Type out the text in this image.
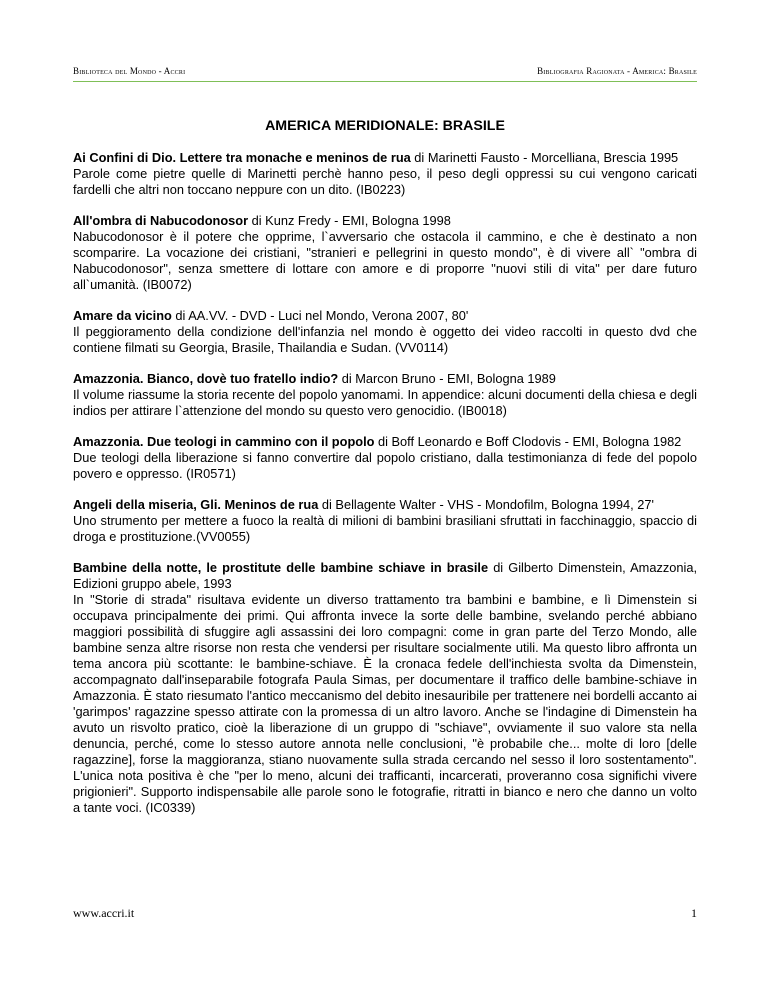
Biblioteca del Mondo - Accri	Bibliografia Ragionata - America: Brasile
AMERICA MERIDIONALE: BRASILE

Ai Confini di Dio. Lettere tra monache e meninos de rua di Marinetti Fausto - Morcelliana, Brescia 1995

Parole come pietre quelle di Marinetti perchè hanno peso, il peso degli oppressi su cui vengono caricati fardelli che altri non toccano neppure con un dito. (IB0223)

All'ombra di Nabucodonosor di Kunz Fredy - EMI, Bologna 1998

Nabucodonosor è il potere che opprime, l`avversario che ostacola il cammino, e che è destinato a non scomparire. La vocazione dei cristiani, "stranieri e pellegrini in questo mondo", è di vivere all` "ombra di Nabucodonosor", senza smettere di lottare con amore e di proporre "nuovi stili di vita" per dare futuro all`umanità. (IB0072)

Amare da vicino di AA.VV. - DVD - Luci nel Mondo, Verona 2007, 80'

Il peggioramento della condizione dell'infanzia nel mondo è oggetto dei video raccolti in questo dvd che contiene filmati su Georgia, Brasile, Thailandia e Sudan. (VV0114)

Amazzonia. Bianco, dovè tuo fratello indio? di Marcon Bruno - EMI, Bologna 1989

Il volume riassume la storia recente del popolo yanomami. In appendice: alcuni documenti della chiesa e degli indios per attirare l`attenzione del mondo su questo vero genocidio. (IB0018)

Amazzonia. Due teologi in cammino con il popolo di Boff Leonardo e Boff Clodovis - EMI, Bologna 1982

Due teologi della liberazione si fanno convertire dal popolo cristiano, dalla testimonianza di fede del popolo povero e oppresso. (IR0571)

Angeli della miseria, Gli. Meninos de rua di Bellagente Walter - VHS - Mondofilm, Bologna 1994, 27'

Uno strumento per mettere a fuoco la realtà di milioni di bambini brasiliani sfruttati in facchinaggio, spaccio di droga e prostituzione.(VV0055)

Bambine della notte, le prostitute delle bambine schiave in brasile di Gilberto Dimenstein, Amazzonia, Edizioni gruppo abele, 1993

In "Storie di strada" risultava evidente un diverso trattamento tra bambini e bambine, e lì Dimenstein si occupava principalmente dei primi. Qui affronta invece la sorte delle bambine, svelando perché abbiano maggiori possibilità di sfuggire agli assassini dei loro compagni: come in gran parte del Terzo Mondo, alle bambine senza altre risorse non resta che vendersi per risultare socialmente utili. Ma questo libro affronta un tema ancora più scottante: le bambine-schiave. È la cronaca fedele dell'inchiesta svolta da Dimenstein, accompagnato dall'inseparabile fotografa Paula Simas, per documentare il traffico delle bambine-schiave in Amazzonia. È stato riesumato l'antico meccanismo del debito inesauribile per trattenere nei bordelli accanto ai 'garimpos' ragazzine spesso attirate con la promessa di un altro lavoro. Anche se l'indagine di Dimenstein ha avuto un risvolto pratico, cioè la liberazione di un gruppo di "schiave", ovviamente il suo valore sta nella denuncia, perché, come lo stesso autore annota nelle conclusioni, "è probabile che... molte di loro [delle ragazzine], forse la maggioranza, stiano nuovamente sulla strada cercando nel sesso il loro sostentamento". L'unica nota positiva è che "per lo meno, alcuni dei trafficanti, incarcerati, proveranno cosa significhi vivere prigionieri". Supporto indispensabile alle parole sono le fotografie, ritratti in bianco e nero che danno un volto a tante voci. (IC0339)

www.accri.it	1
